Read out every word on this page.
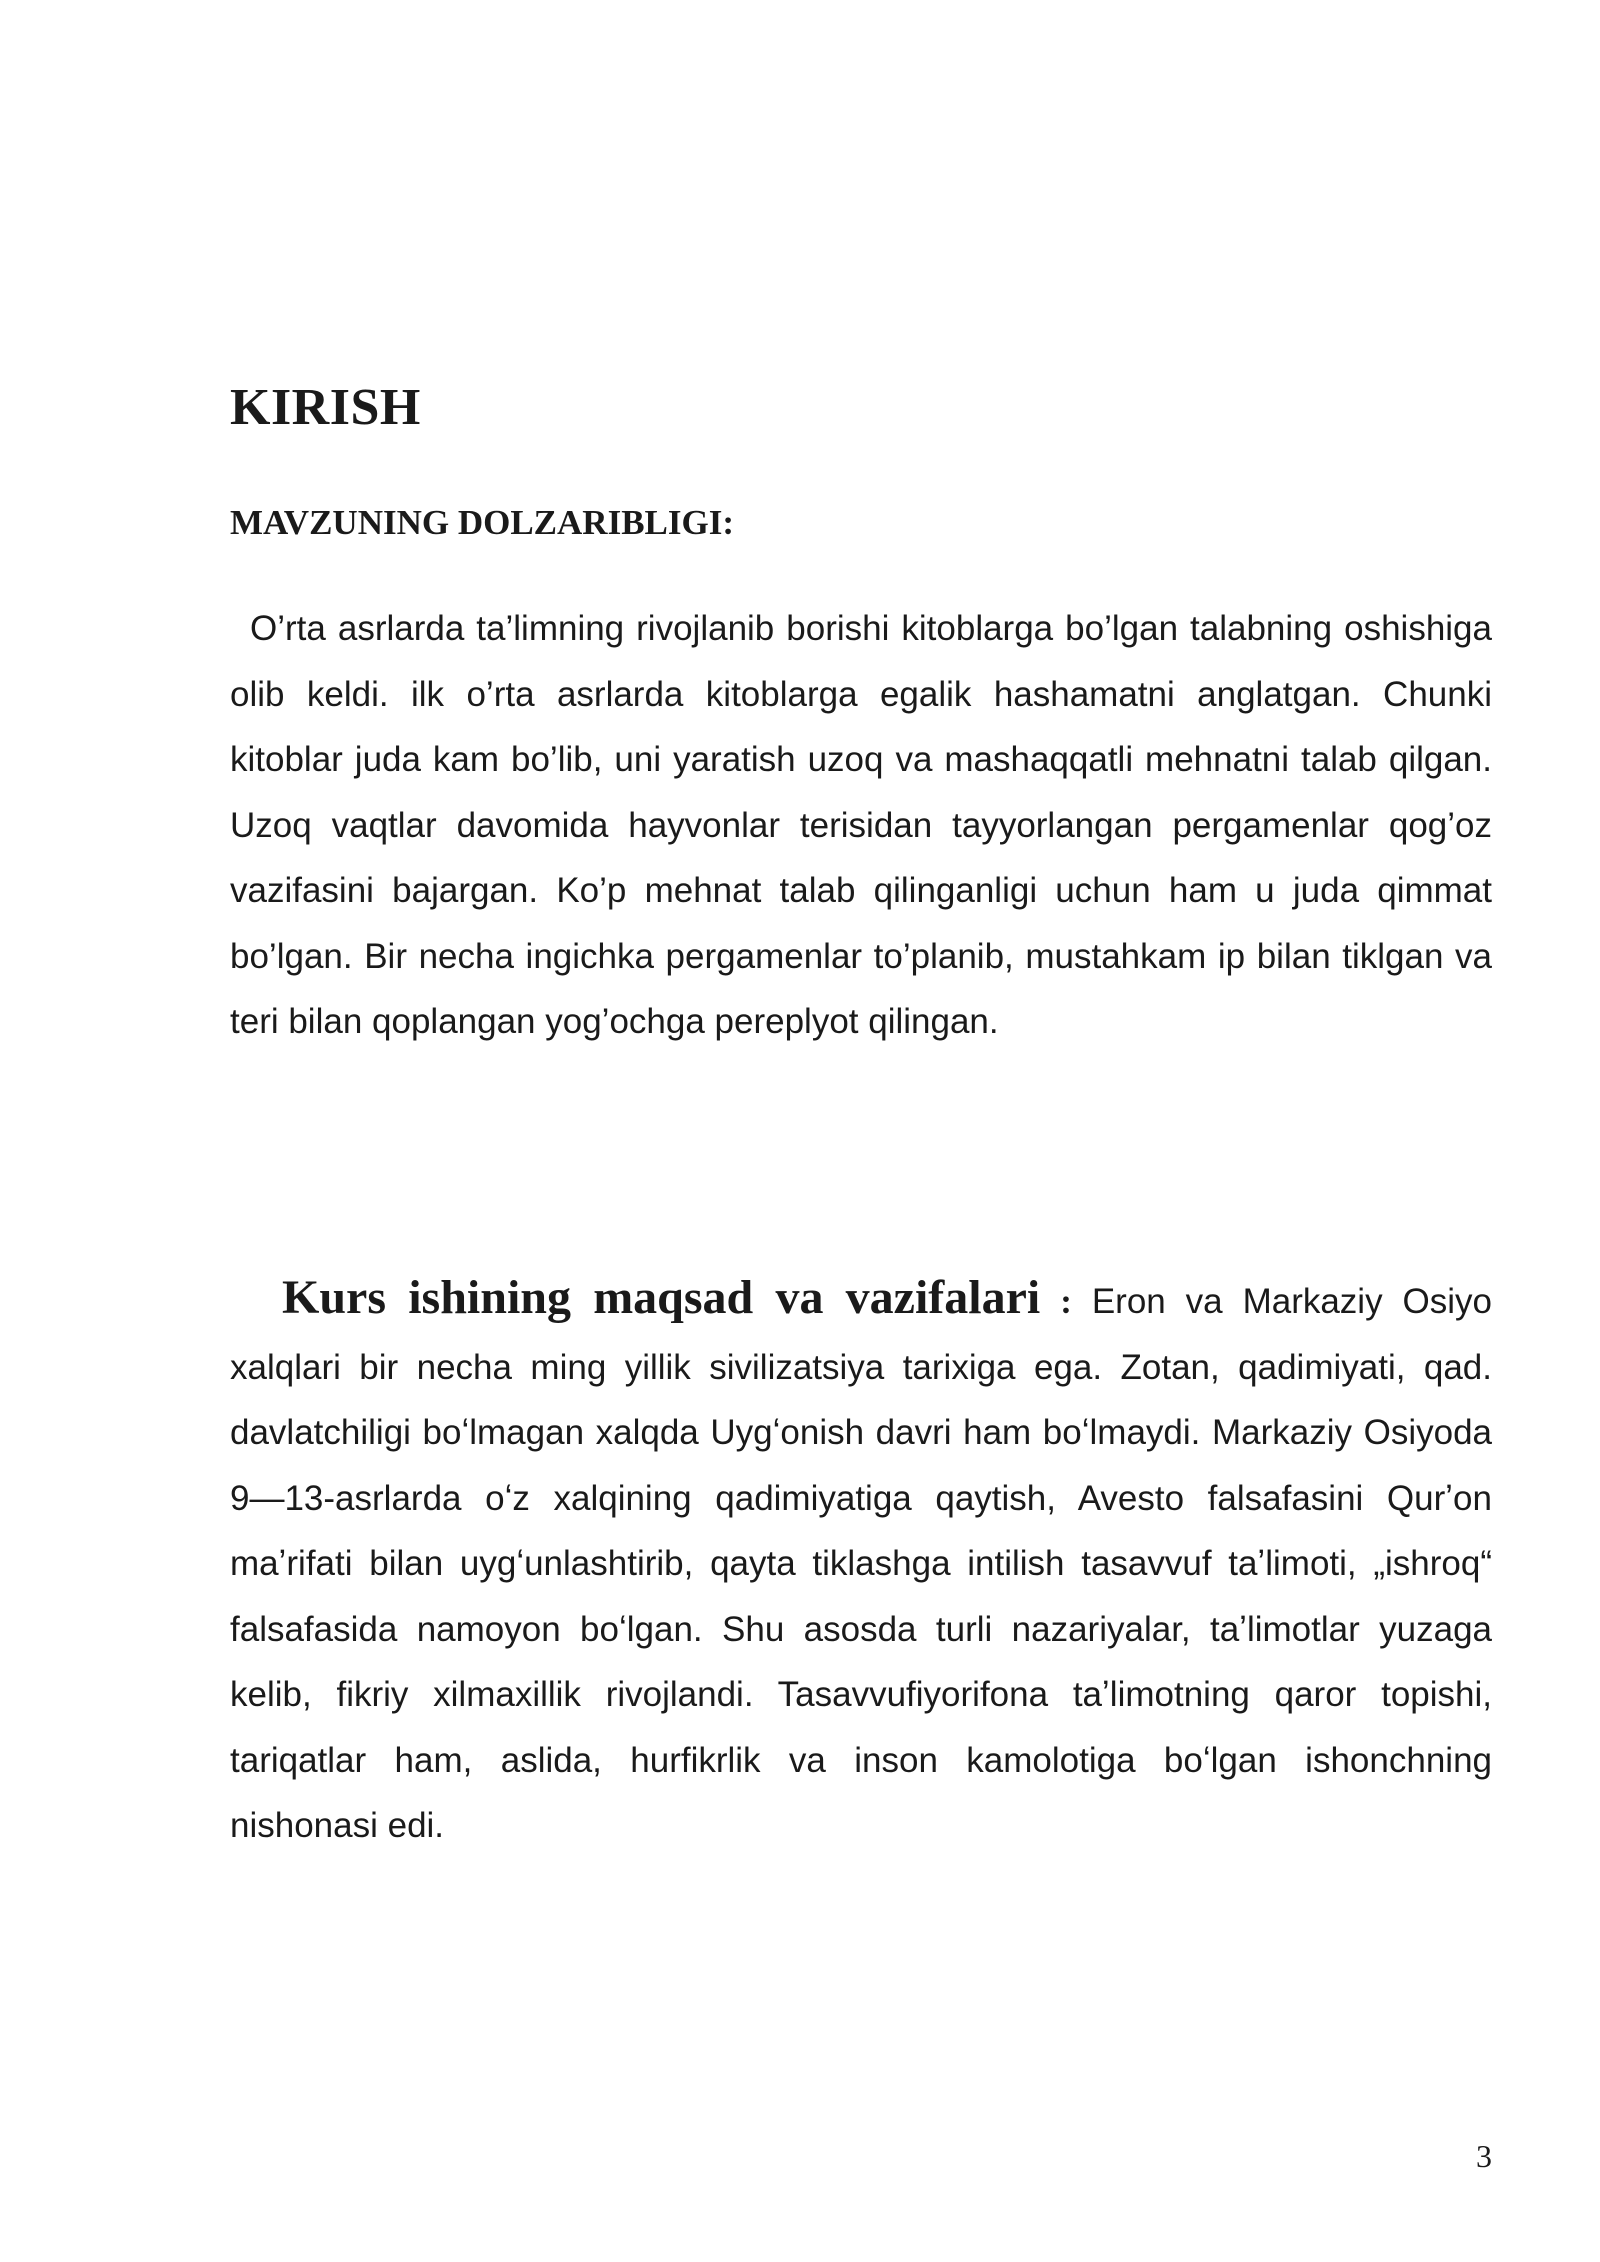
KIRISH
MAVZUNING DOLZARIBLIGI:

O’rta asrlarda ta’limning rivojlanib borishi kitoblarga bo’lgan talabning oshishiga olib keldi. ilk o’rta asrlarda kitoblarga egalik hashamatni anglatgan. Chunki kitoblar juda kam bo’lib, uni yaratish uzoq va mashaqqatli mehnatni talab qilgan. Uzoq vaqtlar davomida hayvonlar terisidan tayyorlangan pergamenlar qog’oz vazifasini bajargan. Ko’p mehnat talab qilinganligi uchun ham u juda qimmat bo’lgan. Bir necha ingichka pergamenlar to’planib, mustahkam ip bilan tiklgan va teri bilan qoplangan yog’ochga pereplyot qilingan.

Kurs ishining maqsad va vazifalari : Eron va Markaziy Osiyo xalqlari bir necha ming yillik sivilizatsiya tarixiga ega. Zotan, qadimiyati, qad. davlatchiligi boʻlmagan xalqda Uygʻonish davri ham boʻlmaydi. Markaziy Osiyoda 9—13-asrlarda oʻz xalqining qadimiyatiga qaytish, Avesto falsafasini Qurʼon maʼrifati bilan uygʻunlashtirib, qayta tiklashga intilish tasavvuf taʼlimoti, „ishroq“ falsafasida namoyon boʻlgan. Shu asosda turli nazariyalar, taʼlimotlar yuzaga kelib, fikriy xilmaxillik rivojlandi. Tasavvufiyorifona taʼlimotning qaror topishi, tariqatlar ham, aslida, hurfikrlik va inson kamolotiga boʻlgan ishonchning nishonasi edi.

3
